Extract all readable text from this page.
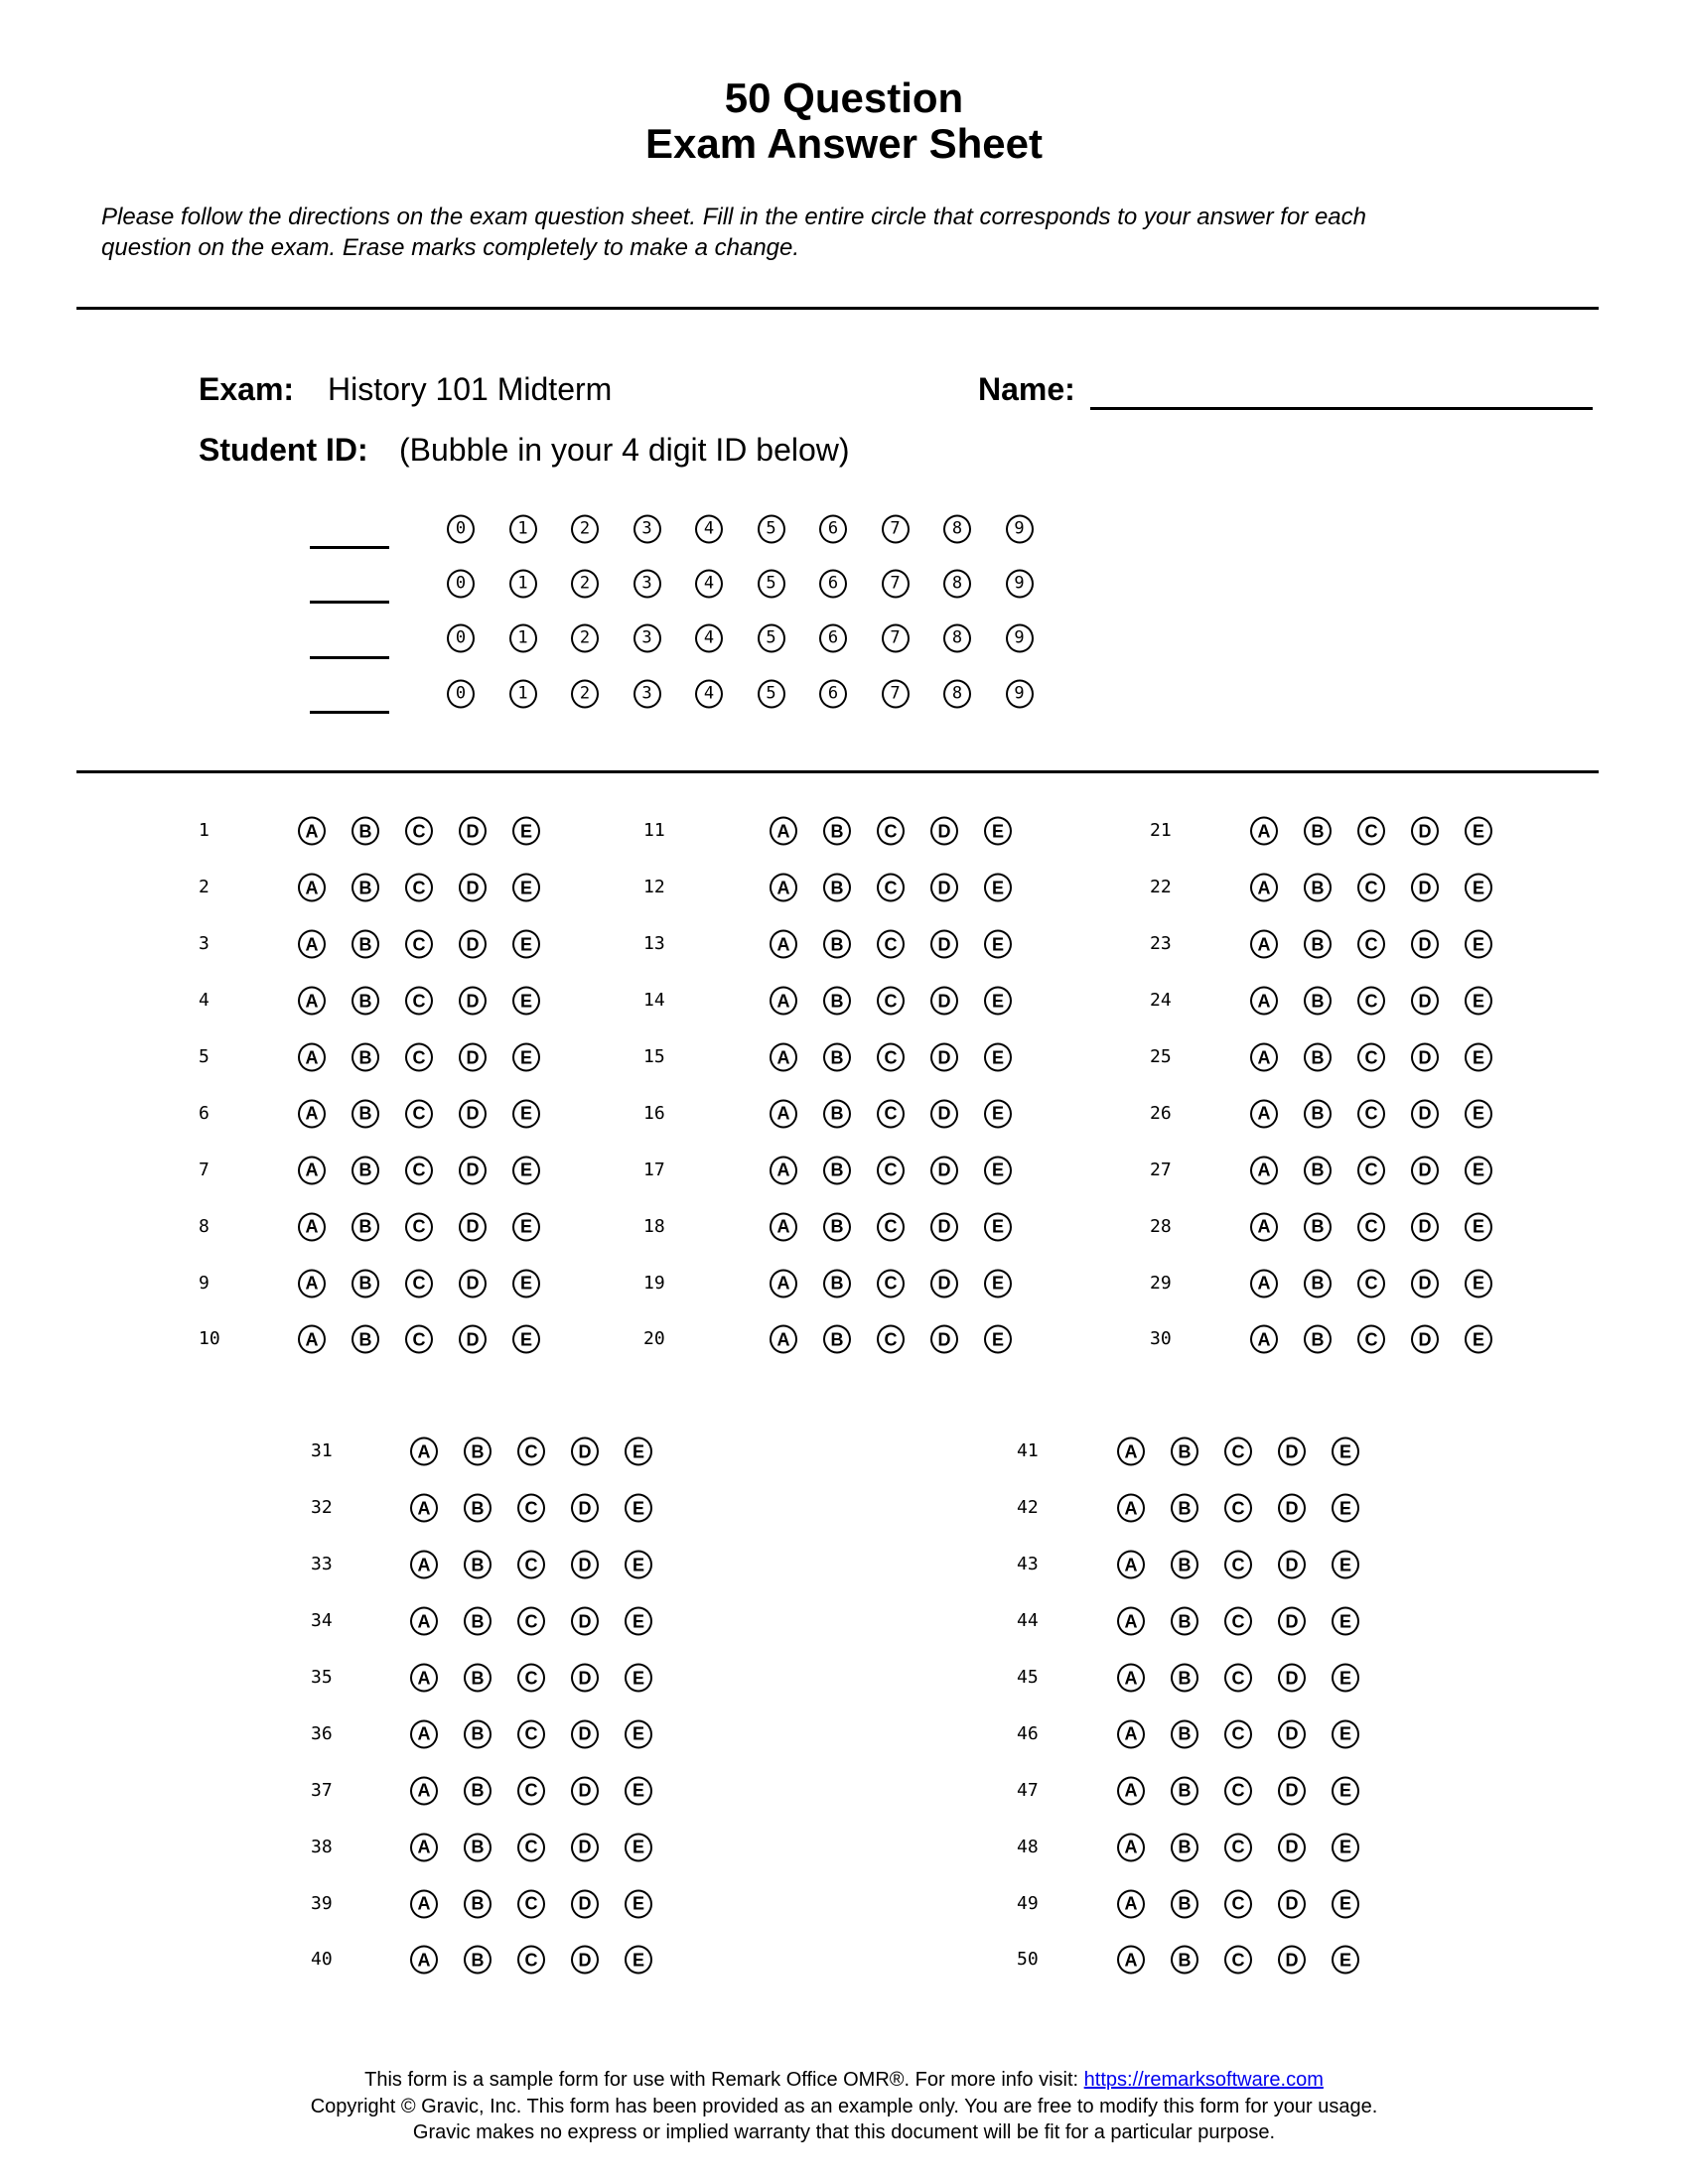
50 Question
Exam Answer Sheet
Please follow the directions on the exam question sheet. Fill in the entire circle that corresponds to your answer for each
question on the exam. Erase marks completely to make a change.
Exam: History 101 Midterm	Name:
Student ID: (Bubble in your 4 digit ID below)
0	1	2	3	4	5	6	7	8	9
0	1	2	3	4	5	6	7	8	9
0	1	2	3	4	5	6	7	8	9
0	1	2	3	4	5	6	7	8	9
1	A	B	C	D	E
2	A	B	C	D	E
3	A	B	C	D	E
4	A	B	C	D	E
5	A	B	C	D	E
6	A	B	C	D	E
7	A	B	C	D	E
8	A	B	C	D	E
9	A	B	C	D	E
10	A	B	C	D	E
11	A	B	C	D	E
12	A	B	C	D	E
13	A	B	C	D	E
14	A	B	C	D	E
15	A	B	C	D	E
16	A	B	C	D	E
17	A	B	C	D	E
18	A	B	C	D	E
19	A	B	C	D	E
20	A	B	C	D	E
21	A	B	C	D	E
22	A	B	C	D	E
23	A	B	C	D	E
24	A	B	C	D	E
25	A	B	C	D	E
26	A	B	C	D	E
27	A	B	C	D	E
28	A	B	C	D	E
29	A	B	C	D	E
30	A	B	C	D	E
31	A	B	C	D	E
32	A	B	C	D	E
33	A	B	C	D	E
34	A	B	C	D	E
35	A	B	C	D	E
36	A	B	C	D	E
37	A	B	C	D	E
38	A	B	C	D	E
39	A	B	C	D	E
40	A	B	C	D	E
41	A	B	C	D	E
42	A	B	C	D	E
43	A	B	C	D	E
44	A	B	C	D	E
45	A	B	C	D	E
46	A	B	C	D	E
47	A	B	C	D	E
48	A	B	C	D	E
49	A	B	C	D	E
50	A	B	C	D	E
This form is a sample form for use with Remark Office OMR®. For more info visit: https://remarksoftware.com
Copyright © Gravic, Inc. This form has been provided as an example only. You are free to modify this form for your usage.
Gravic makes no express or implied warranty that this document will be fit for a particular purpose.
